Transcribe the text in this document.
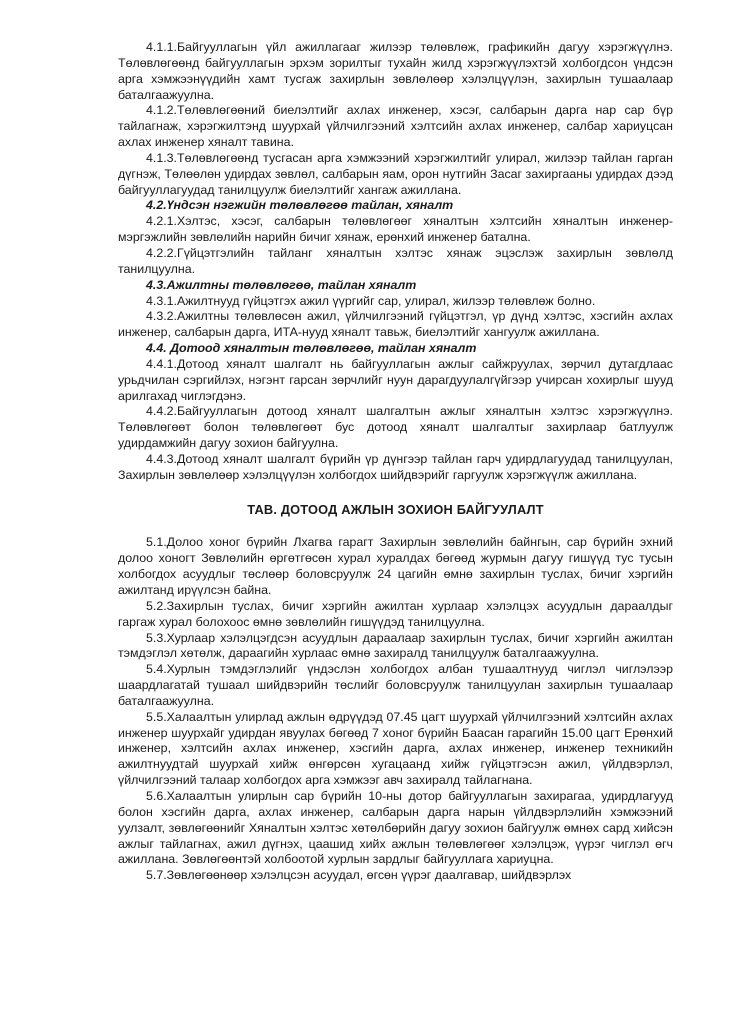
4.1.1.Байгууллагын үйл ажиллагааг жилээр төлөвлөж, графикийн дагуу хэрэгжүүлнэ. Төлөвлөгөөнд байгууллагын эрхэм зорилтыг тухайн жилд хэрэгжүүлэхтэй холбогдсон үндсэн арга хэмжээнүүдийн хамт тусгаж захирлын зөвлөлөөр хэлэлцүүлэн, захирлын тушаалаар баталгаажуулна.

4.1.2.Төлөвлөгөөний биелэлтийг ахлах инженер, хэсэг, салбарын дарга нар сар бүр тайлагнаж, хэрэгжилтэнд шуурхай үйлчилгээний хэлтсийн ахлах инженер, салбар хариуцсан ахлах инженер хяналт тавина.

4.1.3.Төлөвлөгөөнд тусгасан арга хэмжээний хэрэгжилтийг улирал, жилээр тайлан гарган дүгнэж, Төлөөлөн удирдах зөвлөл, салбарын яам, орон нутгийн Засаг захиргааны удирдах дээд байгууллагуудад танилцуулж биелэлтийг хангаж ажиллана.

4.2.Үндсэн нэгжийн төлөвлөгөө тайлан, хяналт

4.2.1.Хэлтэс, хэсэг, салбарын төлөвлөгөөг хяналтын хэлтсийн хяналтын инженер-мэргэжлийн зөвлөлийн нарийн бичиг хянаж, ерөнхий инженер батална.

4.2.2.Гүйцэтгэлийн тайланг хяналтын хэлтэс хянаж эцэслэж захирлын зөвлөлд танилцуулна.

4.3.Ажилтны төлөвлөгөө, тайлан хяналт

4.3.1.Ажилтнууд гүйцэтгэх ажил үүргийг сар, улирал, жилээр төлөвлөж болно.

4.3.2.Ажилтны төлөвлөсөн ажил, үйлчилгээний гүйцэтгэл, үр дүнд хэлтэс, хэсгийн ахлах инженер, салбарын дарга, ИТА-нууд хяналт тавьж, биелэлтийг хангуулж ажиллана.

4.4. Дотоод хяналтын төлөвлөгөө, тайлан хяналт

4.4.1.Дотоод хяналт шалгалт нь байгууллагын ажлыг сайжруулах, зөрчил дутагдлаас урьдчилан сэргийлэх, нэгэнт гарсан зөрчлийг нуун дарагдуулалгүйгээр учирсан хохирлыг шууд арилгахад чиглэгдэнэ.

4.4.2.Байгууллагын дотоод хяналт шалгалтын ажлыг хяналтын хэлтэс хэрэгжүүлнэ. Төлөвлөгөөт болон төлөвлөгөөт бус дотоод хяналт шалгалтыг захирлаар батлуулж удирдамжийн дагуу зохион байгуулна.

4.4.3.Дотоод хяналт шалгалт бүрийн үр дүнгээр тайлан гарч удирдлагуудад танилцуулан, Захирлын зөвлөлөөр хэлэлцүүлэн холбогдох шийдвэрийг гаргуулж хэрэгжүүлж ажиллана.

ТАВ. ДОТООД АЖЛЫН ЗОХИОН БАЙГУУЛАЛТ

5.1.Долоо хоног бүрийн Лхагва гарагт Захирлын зөвлөлийн байнгын, сар бүрийн эхний долоо хоногт Зөвлөлийн өргөтгөсөн хурал хуралдах бөгөөд журмын дагуу гишүүд тус тусын холбогдох асуудлыг төслөөр боловсруулж 24 цагийн өмнө захирлын туслах, бичиг хэргийн ажилтанд ирүүлсэн байна.

5.2.Захирлын туслах, бичиг хэргийн ажилтан хурлаар хэлэлцэх асуудлын дараалдыг гаргаж хурал болохоос өмнө зөвлөлийн гишүүдэд танилцуулна.

5.3.Хурлаар хэлэлцэгдсэн асуудлын дараалаар захирлын туслах, бичиг хэргийн ажилтан тэмдэглэл хөтөлж, дараагийн хурлаас өмнө захиралд танилцуулж баталгаажуулна.

5.4.Хурлын тэмдэглэлийг үндэслэн холбогдох албан тушаалтнууд чиглэл чиглэлээр шаардлагатай тушаал шийдвэрийн төслийг боловсруулж танилцуулан захирлын тушаалаар баталгаажуулна.

5.5.Халаалтын улирлад ажлын өдрүүдэд 07.45 цагт шуурхай үйлчилгээний хэлтсийн ахлах инженер шуурхайг удирдан явуулах бөгөөд 7 хоног бүрийн Баасан гарагийн 15.00 цагт Ерөнхий инженер, хэлтсийн ахлах инженер, хэсгийн дарга, ахлах инженер, инженер техникийн ажилтнуудтай шуурхай хийж өнгөрсөн хугацаанд хийж гүйцэтгэсэн ажил, үйлдвэрлэл, үйлчилгээний талаар холбогдох арга хэмжээг авч захиралд тайлагнана.

5.6.Халаалтын улирлын сар бүрийн 10-ны дотор байгууллагын захирагаа, удирдлагууд болон хэсгийн дарга, ахлах инженер, салбарын дарга нарын үйлдвэрлэлийн хэмжээний уулзалт, зөвлөгөөнийг Хяналтын хэлтэс хөтөлбөрийн дагуу зохион байгуулж өмнөх сард хийсэн ажлыг тайлагнах, ажил дүгнэх, цаашид хийх ажлын төлөвлөгөөг хэлэлцэж, үүрэг чиглэл өгч ажиллана. Зөвлөгөөнтэй холбоотой хурлын зардлыг байгууллага хариуцна.

5.7.Зөвлөгөөнөөр хэлэлцсэн асуудал, өгсөн үүрэг даалгавар, шийдвэрлэх
